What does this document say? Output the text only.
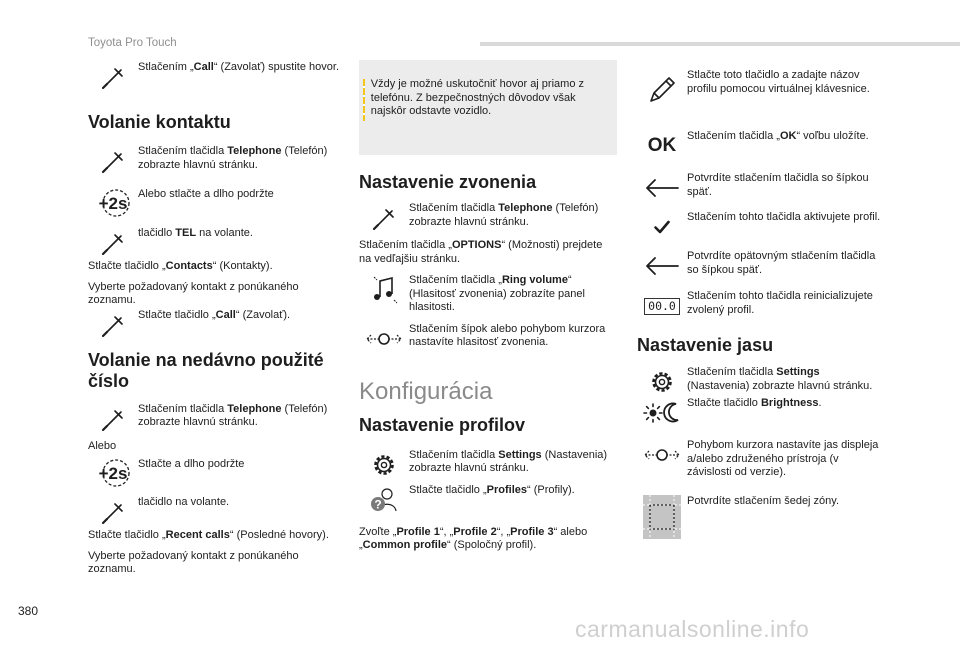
Toyota Pro Touch
Stlačením „Call“ (Zavolať) spustite hovor.
Volanie kontaktu
Stlačením tlačidla Telephone (Telefón) zobrazte hlavnú stránku.
+2s Alebo stlačte a dlho podržte
tlačidlo TEL na volante.
Stlačte tlačidlo „Contacts“ (Kontakty).
Vyberte požadovaný kontakt z ponúkaného zoznamu.
Stlačte tlačidlo „Call“ (Zavolať).
Volanie na nedávno použité číslo
Stlačením tlačidla Telephone (Telefón) zobrazte hlavnú stránku.
Alebo
+2s Stlačte a dlho podržte
tlačidlo na volante.
Stlačte tlačidlo „Recent calls“ (Posledné hovory).
Vyberte požadovaný kontakt z ponúkaného zoznamu.
Vždy je možné uskutočniť hovor aj priamo z telefónu. Z bezpečnostných dôvodov však najskôr odstavte vozidlo.
Nastavenie zvonenia
Stlačením tlačidla Telephone (Telefón) zobrazte hlavnú stránku.
Stlačením tlačidla „OPTIONS“ (Možnosti) prejdete na vedľajšiu stránku.
Stlačením tlačidla „Ring volume“ (Hlasitosť zvonenia) zobrazíte panel hlasitosti.
Stlačením šípok alebo pohybom kurzora nastavíte hlasitosť zvonenia.
Konfigurácia
Nastavenie profilov
Stlačením tlačidla Settings (Nastavenia) zobrazte hlavnú stránku.
?
Stlačte tlačidlo „Profiles“ (Profily).
Zvoľte „Profile 1“, „Profile 2“, „Profile 3“ alebo „Common profile“ (Spoločný profil).
Stlačte toto tlačidlo a zadajte názov profilu pomocou virtuálnej klávesnice.
OK Stlačením tlačidla „OK“ voľbu uložíte.
Potvrdíte stlačením tlačidla so šípkou späť.
Stlačením tohto tlačidla aktivujete profil.
Potvrdíte opätovným stlačením tlačidla so šípkou späť.
00.0
Stlačením tohto tlačidla reinicializujete zvolený profil.
Nastavenie jasu
Stlačením tlačidla Settings (Nastavenia) zobrazte hlavnú stránku.
Stlačte tlačidlo Brightness.
Pohybom kurzora nastavíte jas displeja a/alebo združeného prístroja (v závislosti od verzie).
Potvrdíte stlačením šedej zóny.
380
carmanualsonline.info
